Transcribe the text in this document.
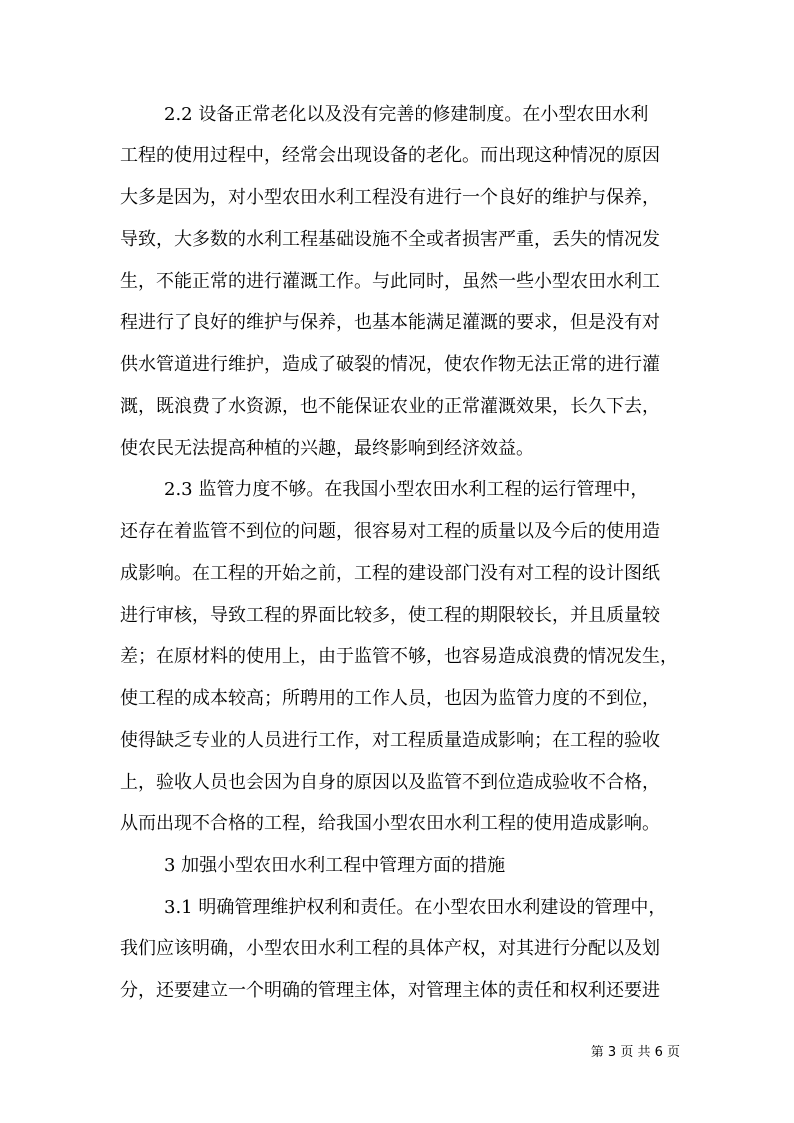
2.2 设备正常老化以及没有完善的修建制度。在小型农田水利
工程的使用过程中，经常会出现设备的老化。而出现这种情况的原因
大多是因为，对小型农田水利工程没有进行一个良好的维护与保养，
导致，大多数的水利工程基础设施不全或者损害严重，丢失的情况发
生，不能正常的进行灌溉工作。与此同时，虽然一些小型农田水利工
程进行了良好的维护与保养，也基本能满足灌溉的要求，但是没有对
供水管道进行维护，造成了破裂的情况，使农作物无法正常的进行灌
溉，既浪费了水资源，也不能保证农业的正常灌溉效果，长久下去，
使农民无法提高种植的兴趣，最终影响到经济效益。
2.3 监管力度不够。在我国小型农田水利工程的运行管理中，
还存在着监管不到位的问题，很容易对工程的质量以及今后的使用造
成影响。在工程的开始之前，工程的建设部门没有对工程的设计图纸
进行审核，导致工程的界面比较多，使工程的期限较长，并且质量较
差；在原材料的使用上，由于监管不够，也容易造成浪费的情况发生，
使工程的成本较高；所聘用的工作人员，也因为监管力度的不到位，
使得缺乏专业的人员进行工作，对工程质量造成影响；在工程的验收
上，验收人员也会因为自身的原因以及监管不到位造成验收不合格，
从而出现不合格的工程，给我国小型农田水利工程的使用造成影响。
3 加强小型农田水利工程中管理方面的措施
3.1 明确管理维护权利和责任。在小型农田水利建设的管理中，
我们应该明确，小型农田水利工程的具体产权，对其进行分配以及划
分，还要建立一个明确的管理主体，对管理主体的责任和权利还要进
第 3 页 共 6 页
